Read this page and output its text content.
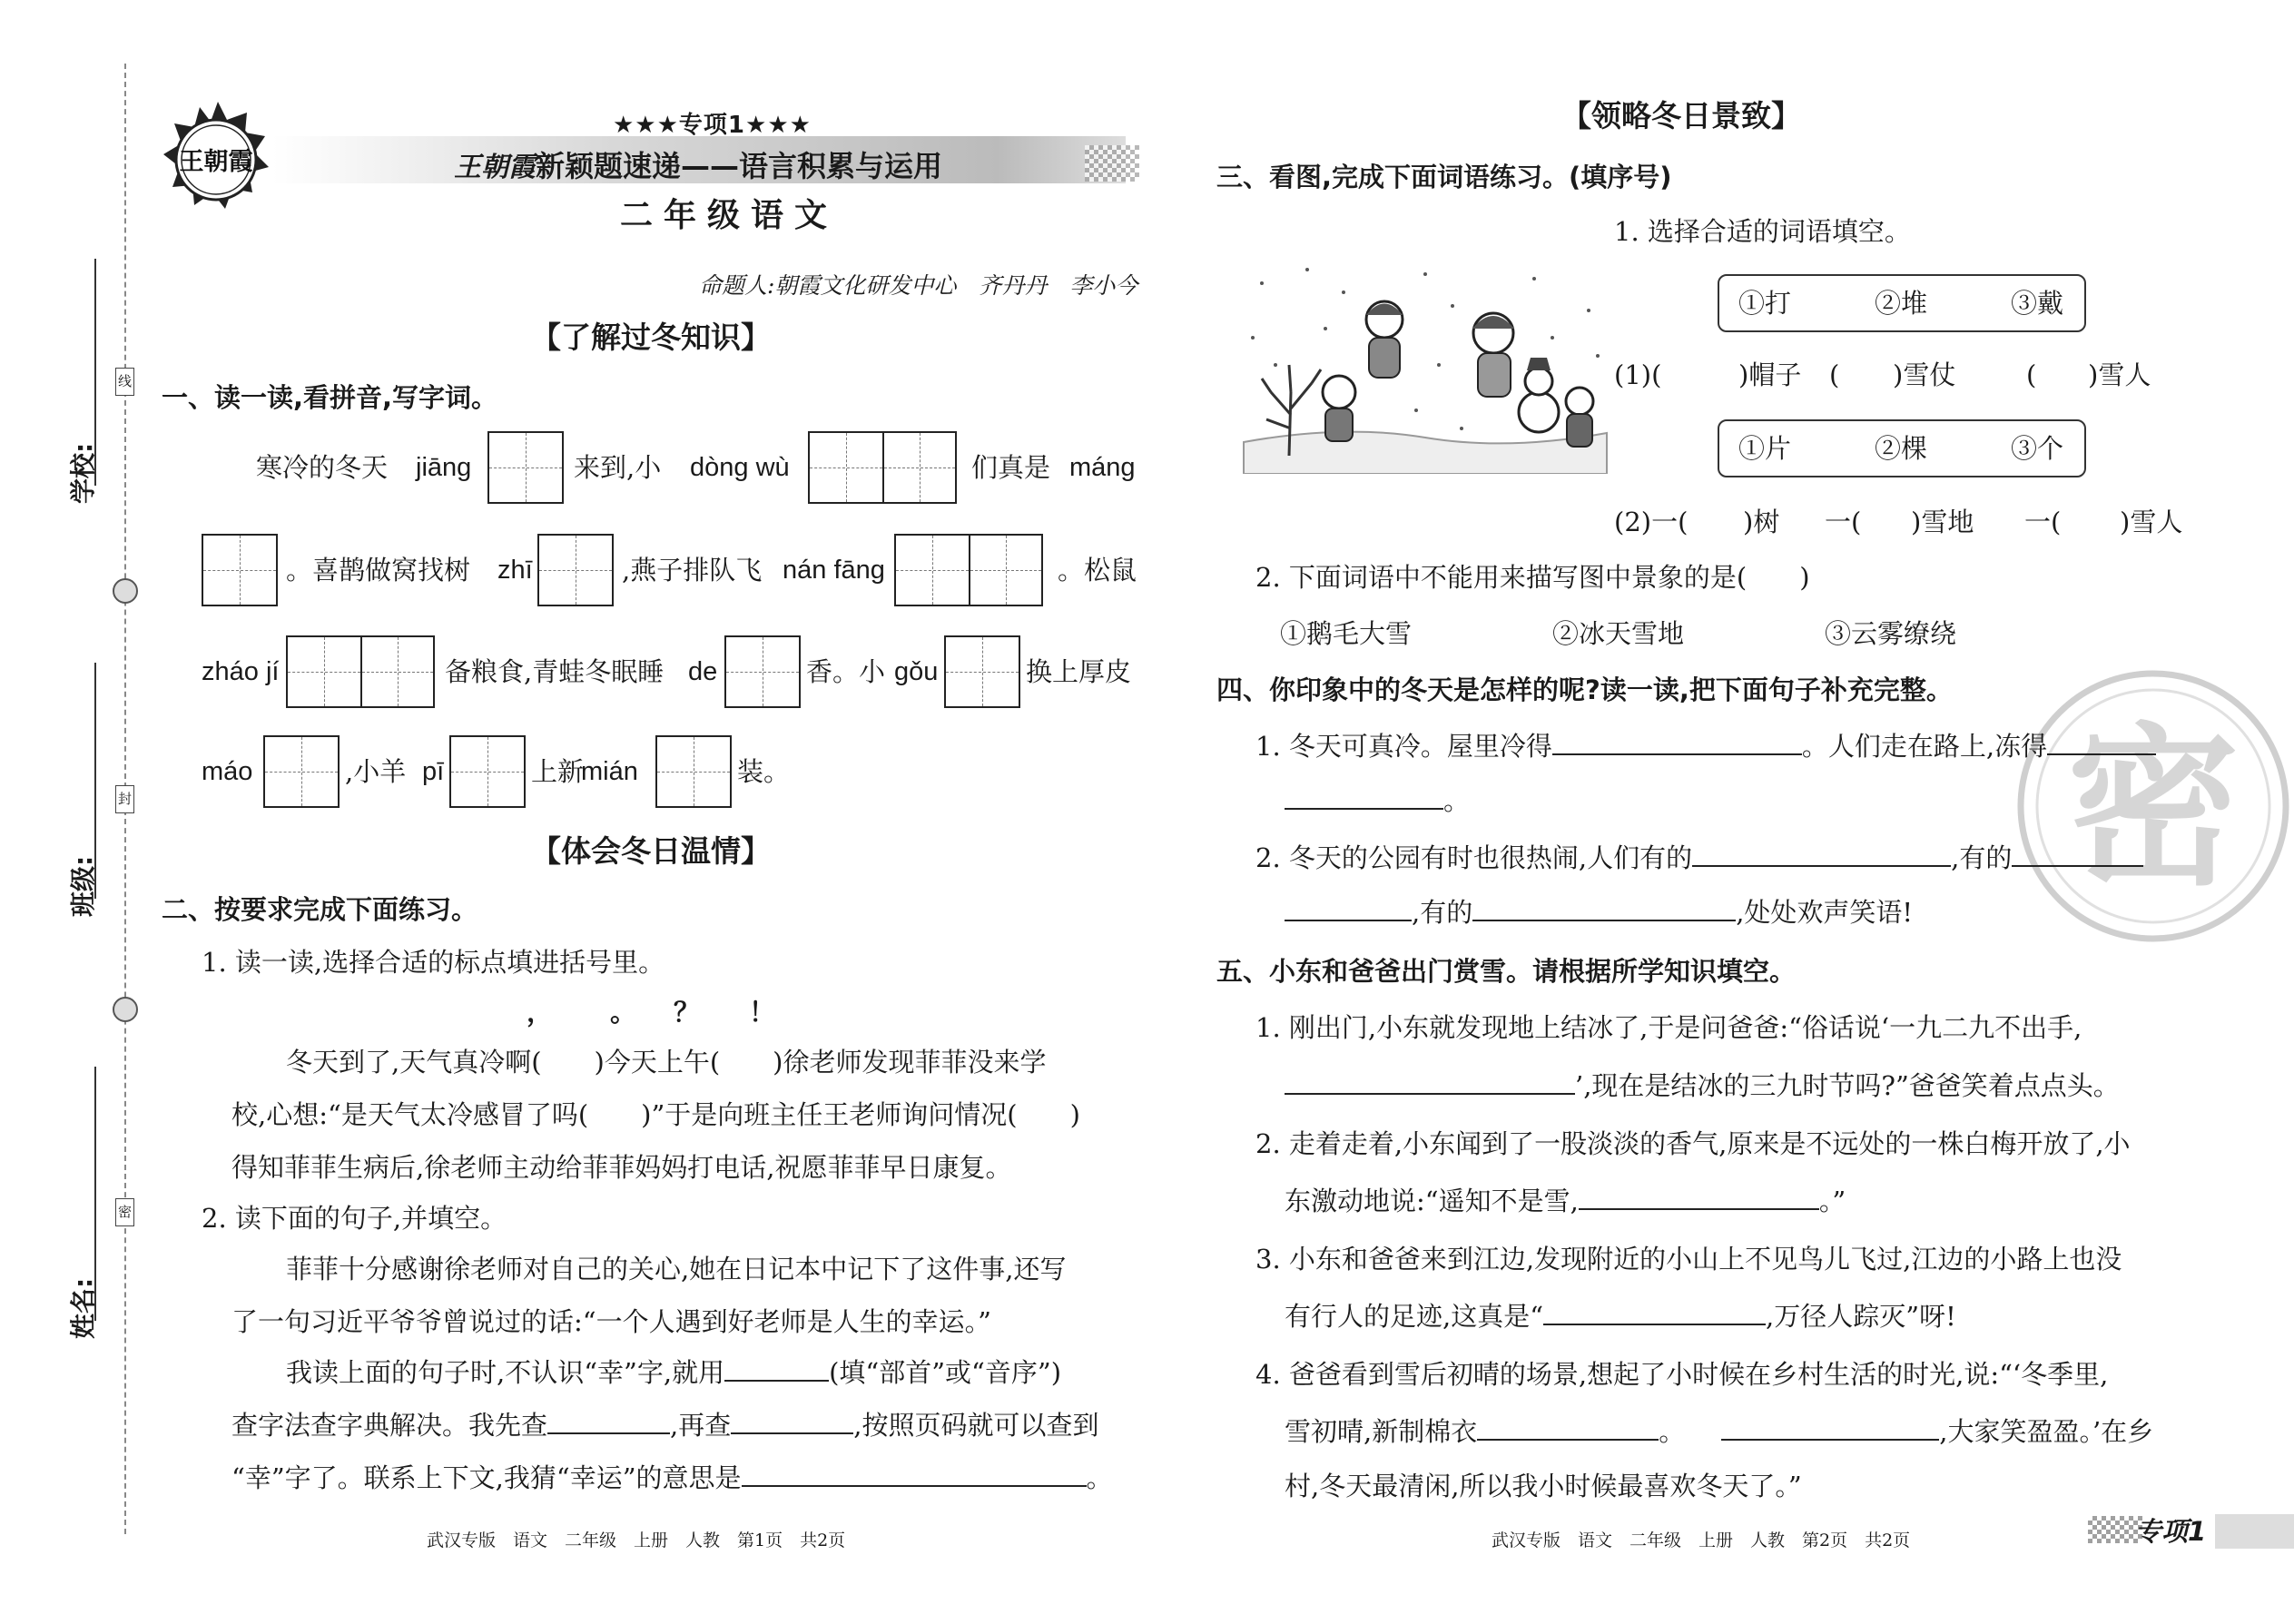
线
封
密
学校:
班级:
姓名:
王朝霞
★★★专项1★★★
王朝霞 新颖题速递——语言积累与运用
二年级语文
命题人:朝霞文化研发中心　齐丹丹　李小今
【了解过冬知识】
一、读一读,看拼音,写字词。
寒冷的冬天 jiāng	来到,小 dòng wù	们真是 máng
。喜鹊做窝找树 zhī	,燕子排队飞 nán fāng	。松鼠
zháo jí	备粮食,青蛙冬眠睡 de	香。小 gǒu	换上厚皮
máo	,小羊 pī	上新
mián	装。
【体会冬日温情】
二、按要求完成下面练习。
1. 读一读,选择合适的标点填进括号里。
， 。 ？ ！
冬天到了,天气真冷啊(　　)今天上午(　　)徐老师发现菲菲没来学
校,心想:“是天气太冷感冒了吗(　　)”于是向班主任王老师询问情况(　　)
得知菲菲生病后,徐老师主动给菲菲妈妈打电话,祝愿菲菲早日康复。
2. 读下面的句子,并填空。
菲菲十分感谢徐老师对自己的关心,她在日记本中记下了这件事,还写
了一句习近平爷爷曾说过的话:“一个人遇到好老师是人生的幸运。”
我读上面的句子时,不认识“幸”字,就用	(填“部首”或“音序”)
查字法查字典解决。我先查	,再查	,按照页码就可以查到
“幸”字了。联系上下文,我猜“幸运”的意思是	。
武汉专版　语文　二年级　上册　人教　第1页　共2页
密
【领略冬日景致】
三、看图,完成下面词语练习。(填序号)
1. 选择合适的词语填空。
①打	②堆	③戴
(1)(	)帽子 ( )雪仗	( )雪人
①片	②棵	③个
(2)一( )树 一( )雪地 一( )雪人
2. 下面词语中不能用来描写图中景象的是(　　)
①鹅毛大雪	②冰天雪地	③云雾缭绕
四、你印象中的冬天是怎样的呢?读一读,把下面句子补充完整。
1. 冬天可真冷。屋里冷得	。人们走在路上,冻得
。
2. 冬天的公园有时也很热闹,人们有的	,有的
,有的	,处处欢声笑语!
五、小东和爸爸出门赏雪。请根据所学知识填空。
1. 刚出门,小东就发现地上结冰了,于是问爸爸:“俗话说‘一九二九不出手,
’,现在是结冰的三九时节吗?”爸爸笑着点点头。
2. 走着走着,小东闻到了一股淡淡的香气,原来是不远处的一株白梅开放了,小
东激动地说:“遥知不是雪,	。”
3. 小东和爸爸来到江边,发现附近的小山上不见鸟儿飞过,江边的小路上也没
有行人的足迹,这真是“	,万径人踪灭”呀!
4. 爸爸看到雪后初晴的场景,想起了小时候在乡村生活的时光,说:“‘冬季里,
雪初晴,新制棉衣	。	,大家笑盈盈。’在乡
村,冬天最清闲,所以我小时候最喜欢冬天了。”
武汉专版　语文　二年级　上册　人教　第2页　共2页	专项1
